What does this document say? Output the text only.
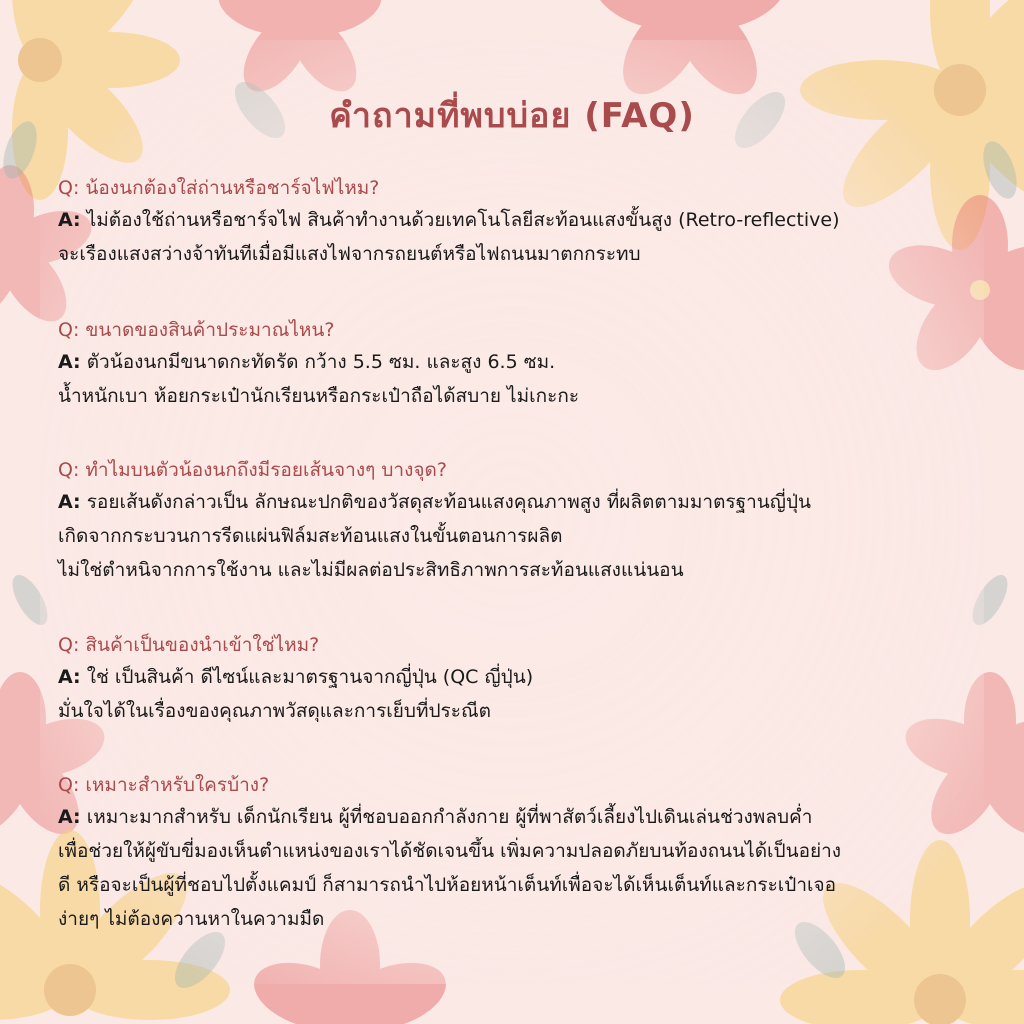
คำถามที่พบบ่อย (FAQ)
Q: น้องนกต้องใส่ถ่านหรือชาร์จไฟไหม?
A: ไม่ต้องใช้ถ่านหรือชาร์จไฟ สินค้าทำงานด้วยเทคโนโลยีสะท้อนแสงขั้นสูง (Retro-reflective)
จะเรืองแสงสว่างจ้าทันทีเมื่อมีแสงไฟจากรถยนต์หรือไฟถนนมาตกกระทบ
Q: ขนาดของสินค้าประมาณไหน?
A: ตัวน้องนกมีขนาดกะทัดรัด กว้าง 5.5 ซม. และสูง 6.5 ซม.
น้ำหนักเบา ห้อยกระเป๋านักเรียนหรือกระเป๋าถือได้สบาย ไม่เกะกะ
Q: ทำไมบนตัวน้องนกถึงมีรอยเส้นจางๆ บางจุด?
A: รอยเส้นดังกล่าวเป็น ลักษณะปกติของวัสดุสะท้อนแสงคุณภาพสูง ที่ผลิตตามมาตรฐานญี่ปุ่น
เกิดจากกระบวนการรีดแผ่นฟิล์มสะท้อนแสงในขั้นตอนการผลิต
ไม่ใช่ตำหนิจากการใช้งาน และไม่มีผลต่อประสิทธิภาพการสะท้อนแสงแน่นอน
Q: สินค้าเป็นของนำเข้าใช่ไหม?
A: ใช่ เป็นสินค้า ดีไซน์และมาตรฐานจากญี่ปุ่น (QC ญี่ปุ่น)
มั่นใจได้ในเรื่องของคุณภาพวัสดุและการเย็บที่ประณีต
Q: เหมาะสำหรับใครบ้าง?
A: เหมาะมากสำหรับ เด็กนักเรียน ผู้ที่ชอบออกกำลังกาย ผู้ที่พาสัตว์เลี้ยงไปเดินเล่นช่วงพลบค่ำ
เพื่อช่วยให้ผู้ขับขี่มองเห็นตำแหน่งของเราได้ชัดเจนขึ้น เพิ่มความปลอดภัยบนท้องถนนได้เป็นอย่าง
ดี หรือจะเป็นผู้ที่ชอบไปตั้งแคมป์ ก็สามารถนำไปห้อยหน้าเต็นท์เพื่อจะได้เห็นเต็นท์และกระเป๋าเจอ
ง่ายๆ ไม่ต้องควานหาในความมืด
